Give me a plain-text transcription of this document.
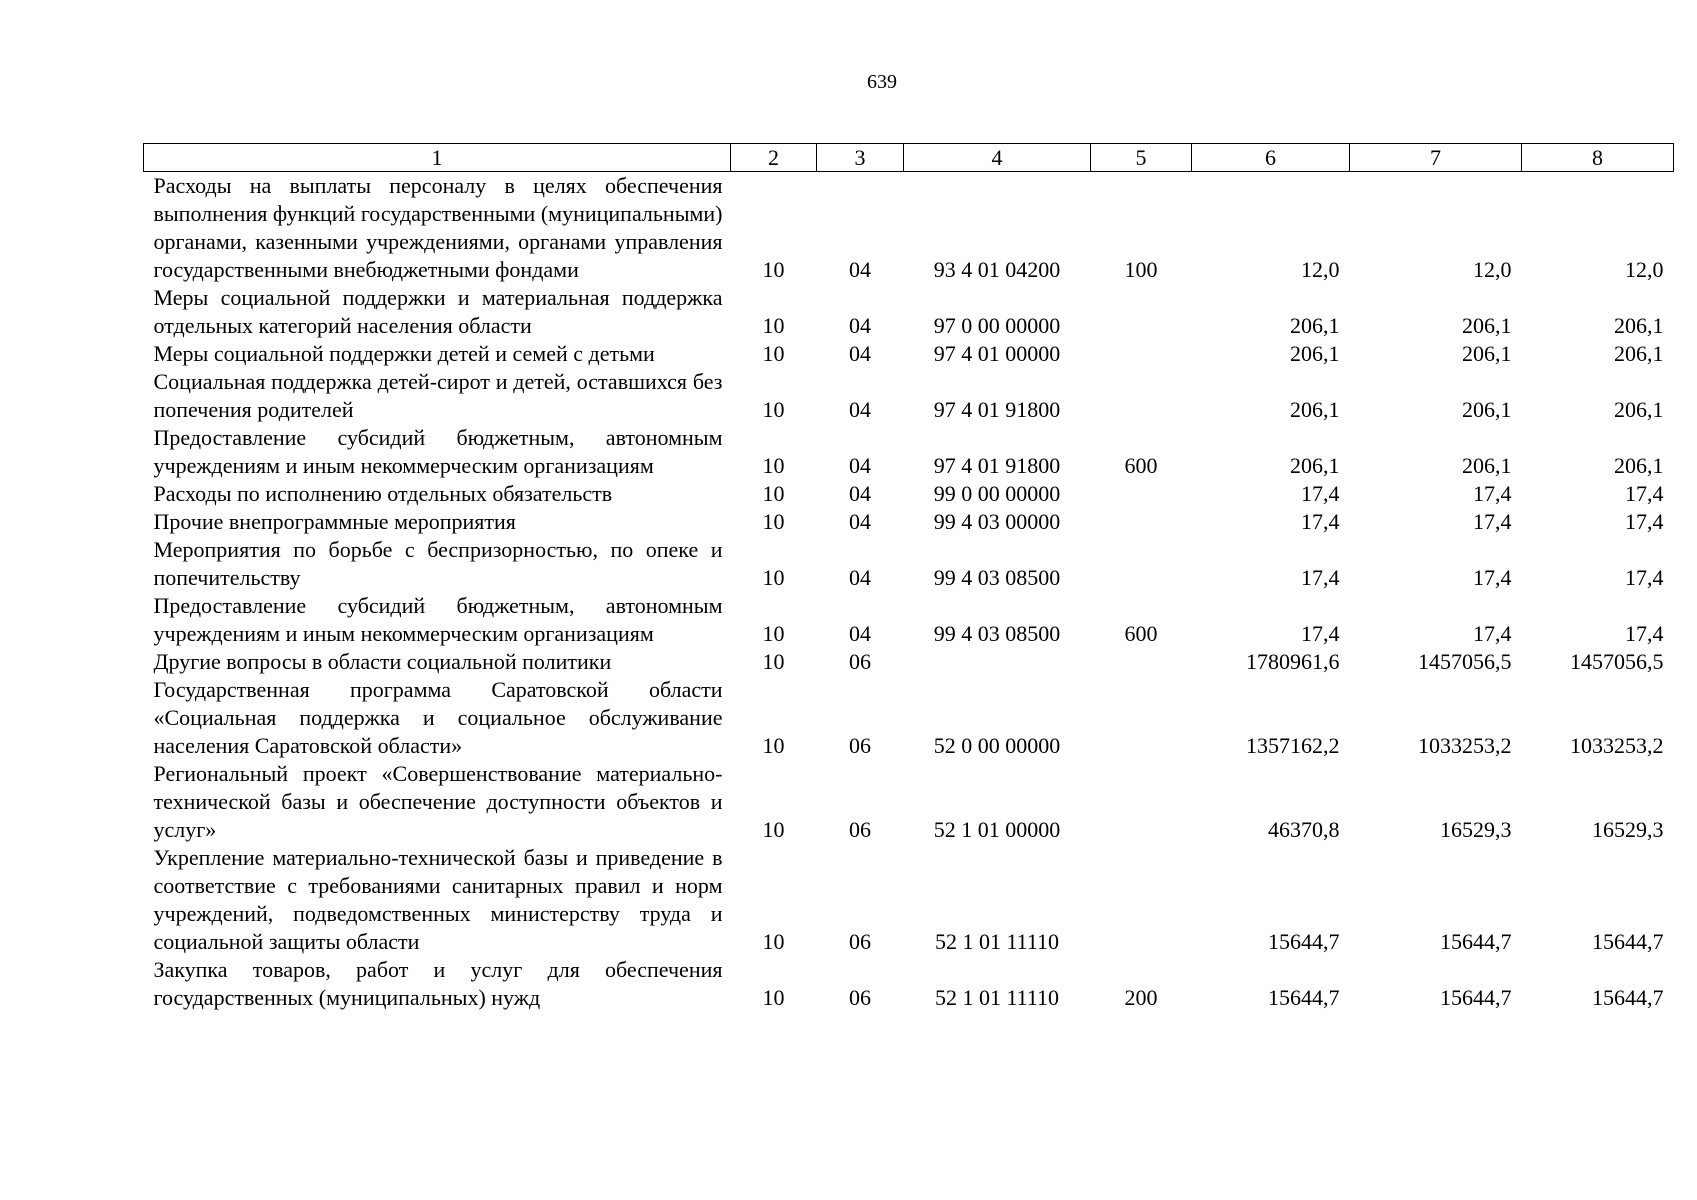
639
1	2	3	4	5	6	7	8
Расходы на выплаты персоналу в целях обеспечения выполнения функций государственными (муниципальными) органами, казенными учреждениями, органами управления государственными внебюджетными фондами	10	04	93 4 01 04200	100	12,0	12,0	12,0
Меры социальной поддержки и материальная поддержка отдельных категорий населения области	10	04	97 0 00 00000		206,1	206,1	206,1
Меры социальной поддержки детей и семей с детьми	10	04	97 4 01 00000		206,1	206,1	206,1
Социальная поддержка детей-сирот и детей, оставшихся без попечения родителей	10	04	97 4 01 91800		206,1	206,1	206,1
Предоставление субсидий бюджетным, автономным учреждениям и иным некоммерческим организациям	10	04	97 4 01 91800	600	206,1	206,1	206,1
Расходы по исполнению отдельных обязательств	10	04	99 0 00 00000		17,4	17,4	17,4
Прочие внепрограммные мероприятия	10	04	99 4 03 00000		17,4	17,4	17,4
Мероприятия по борьбе с беспризорностью, по опеке и попечительству	10	04	99 4 03 08500		17,4	17,4	17,4
Предоставление субсидий бюджетным, автономным учреждениям и иным некоммерческим организациям	10	04	99 4 03 08500	600	17,4	17,4	17,4
Другие вопросы в области социальной политики	10	06			1780961,6	1457056,5	1457056,5
Государственная программа Саратовской области «Социальная поддержка и социальное обслуживание населения Саратовской области»	10	06	52 0 00 00000		1357162,2	1033253,2	1033253,2
Региональный проект «Совершенствование материально-технической базы и обеспечение доступности объектов и услуг»	10	06	52 1 01 00000		46370,8	16529,3	16529,3
Укрепление материально-технической базы и приведение в соответствие с требованиями санитарных правил и норм учреждений, подведомственных министерству труда и социальной защиты области	10	06	52 1 01 11110		15644,7	15644,7	15644,7
Закупка товаров, работ и услуг для обеспечения государственных (муниципальных) нужд	10	06	52 1 01 11110	200	15644,7	15644,7	15644,7
